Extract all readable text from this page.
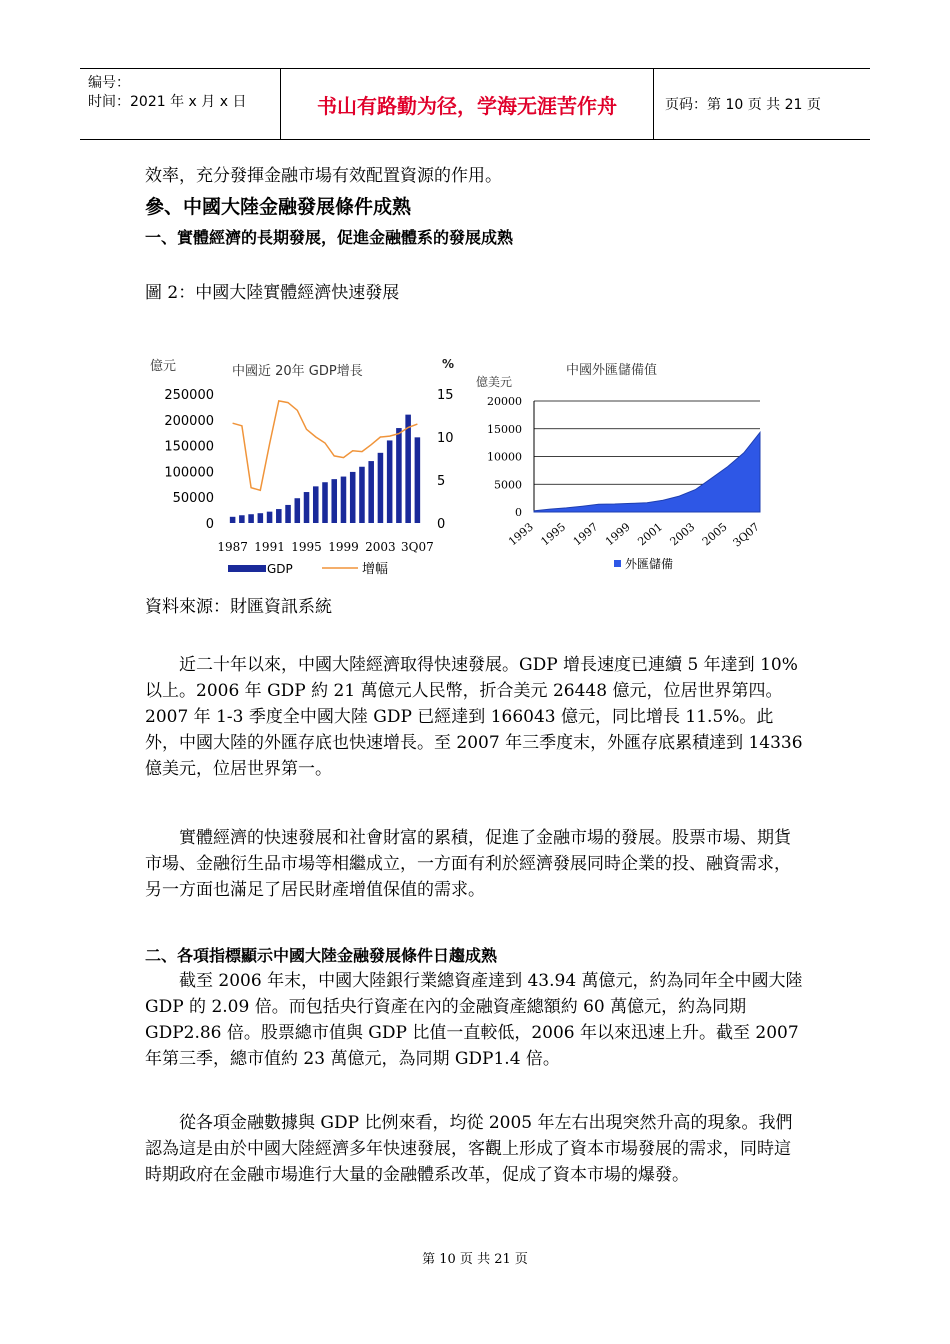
编号：
时间：2021 年 x 月 x 日	书山有路勤为径，学海无涯苦作舟	页码：第 10 页 共 21 页

效率，充分發揮金融市場有效配置資源的作用。

參、中國大陸金融發展條件成熟
一、實體經濟的長期發展，促進金融體系的發展成熟

圖 2：中國大陸實體經濟快速發展

億元	中國近 20年 GDP增長	%
250000
200000
150000
100000
50000
0
15
10
5
0
1987 1991 1995 1999 2003 3Q07
GDP	增幅
中國外匯儲備值
億美元
20000
15000
10000
5000
0
1993 1995 1997 1999 2001 2003 2005 3Q07
外匯儲備

資料來源：財匯資訊系統

近二十年以來，中國大陸經濟取得快速發展。GDP 增長速度已連續 5 年達到 10%以上。2006 年 GDP 約 21 萬億元人民幣，折合美元 26448 億元，位居世界第四。2007 年 1-3 季度全中國大陸 GDP 已經達到 166043 億元，同比增長 11.5%。此外，中國大陸的外匯存底也快速增長。至 2007 年三季度末，外匯存底累積達到 14336 億美元，位居世界第一。

實體經濟的快速發展和社會財富的累積，促進了金融市場的發展。股票市場、期貨市場、金融衍生品市場等相繼成立，一方面有利於經濟發展同時企業的投、融資需求，另一方面也滿足了居民財產增值保值的需求。

二、各項指標顯示中國大陸金融發展條件日趨成熟

截至 2006 年末，中國大陸銀行業總資產達到 43.94 萬億元，約為同年全中國大陸 GDP 的 2.09 倍。而包括央行資產在內的金融資產總額約 60 萬億元，約為同期 GDP2.86 倍。股票總市值與 GDP 比值一直較低，2006 年以來迅速上升。截至 2007 年第三季，總市值約 23 萬億元，為同期 GDP1.4 倍。

從各項金融數據與 GDP 比例來看，均從 2005 年左右出現突然升高的現象。我們認為這是由於中國大陸經濟多年快速發展，客觀上形成了資本市場發展的需求，同時這時期政府在金融市場進行大量的金融體系改革，促成了資本市場的爆發。

第 10 页 共 21 页
